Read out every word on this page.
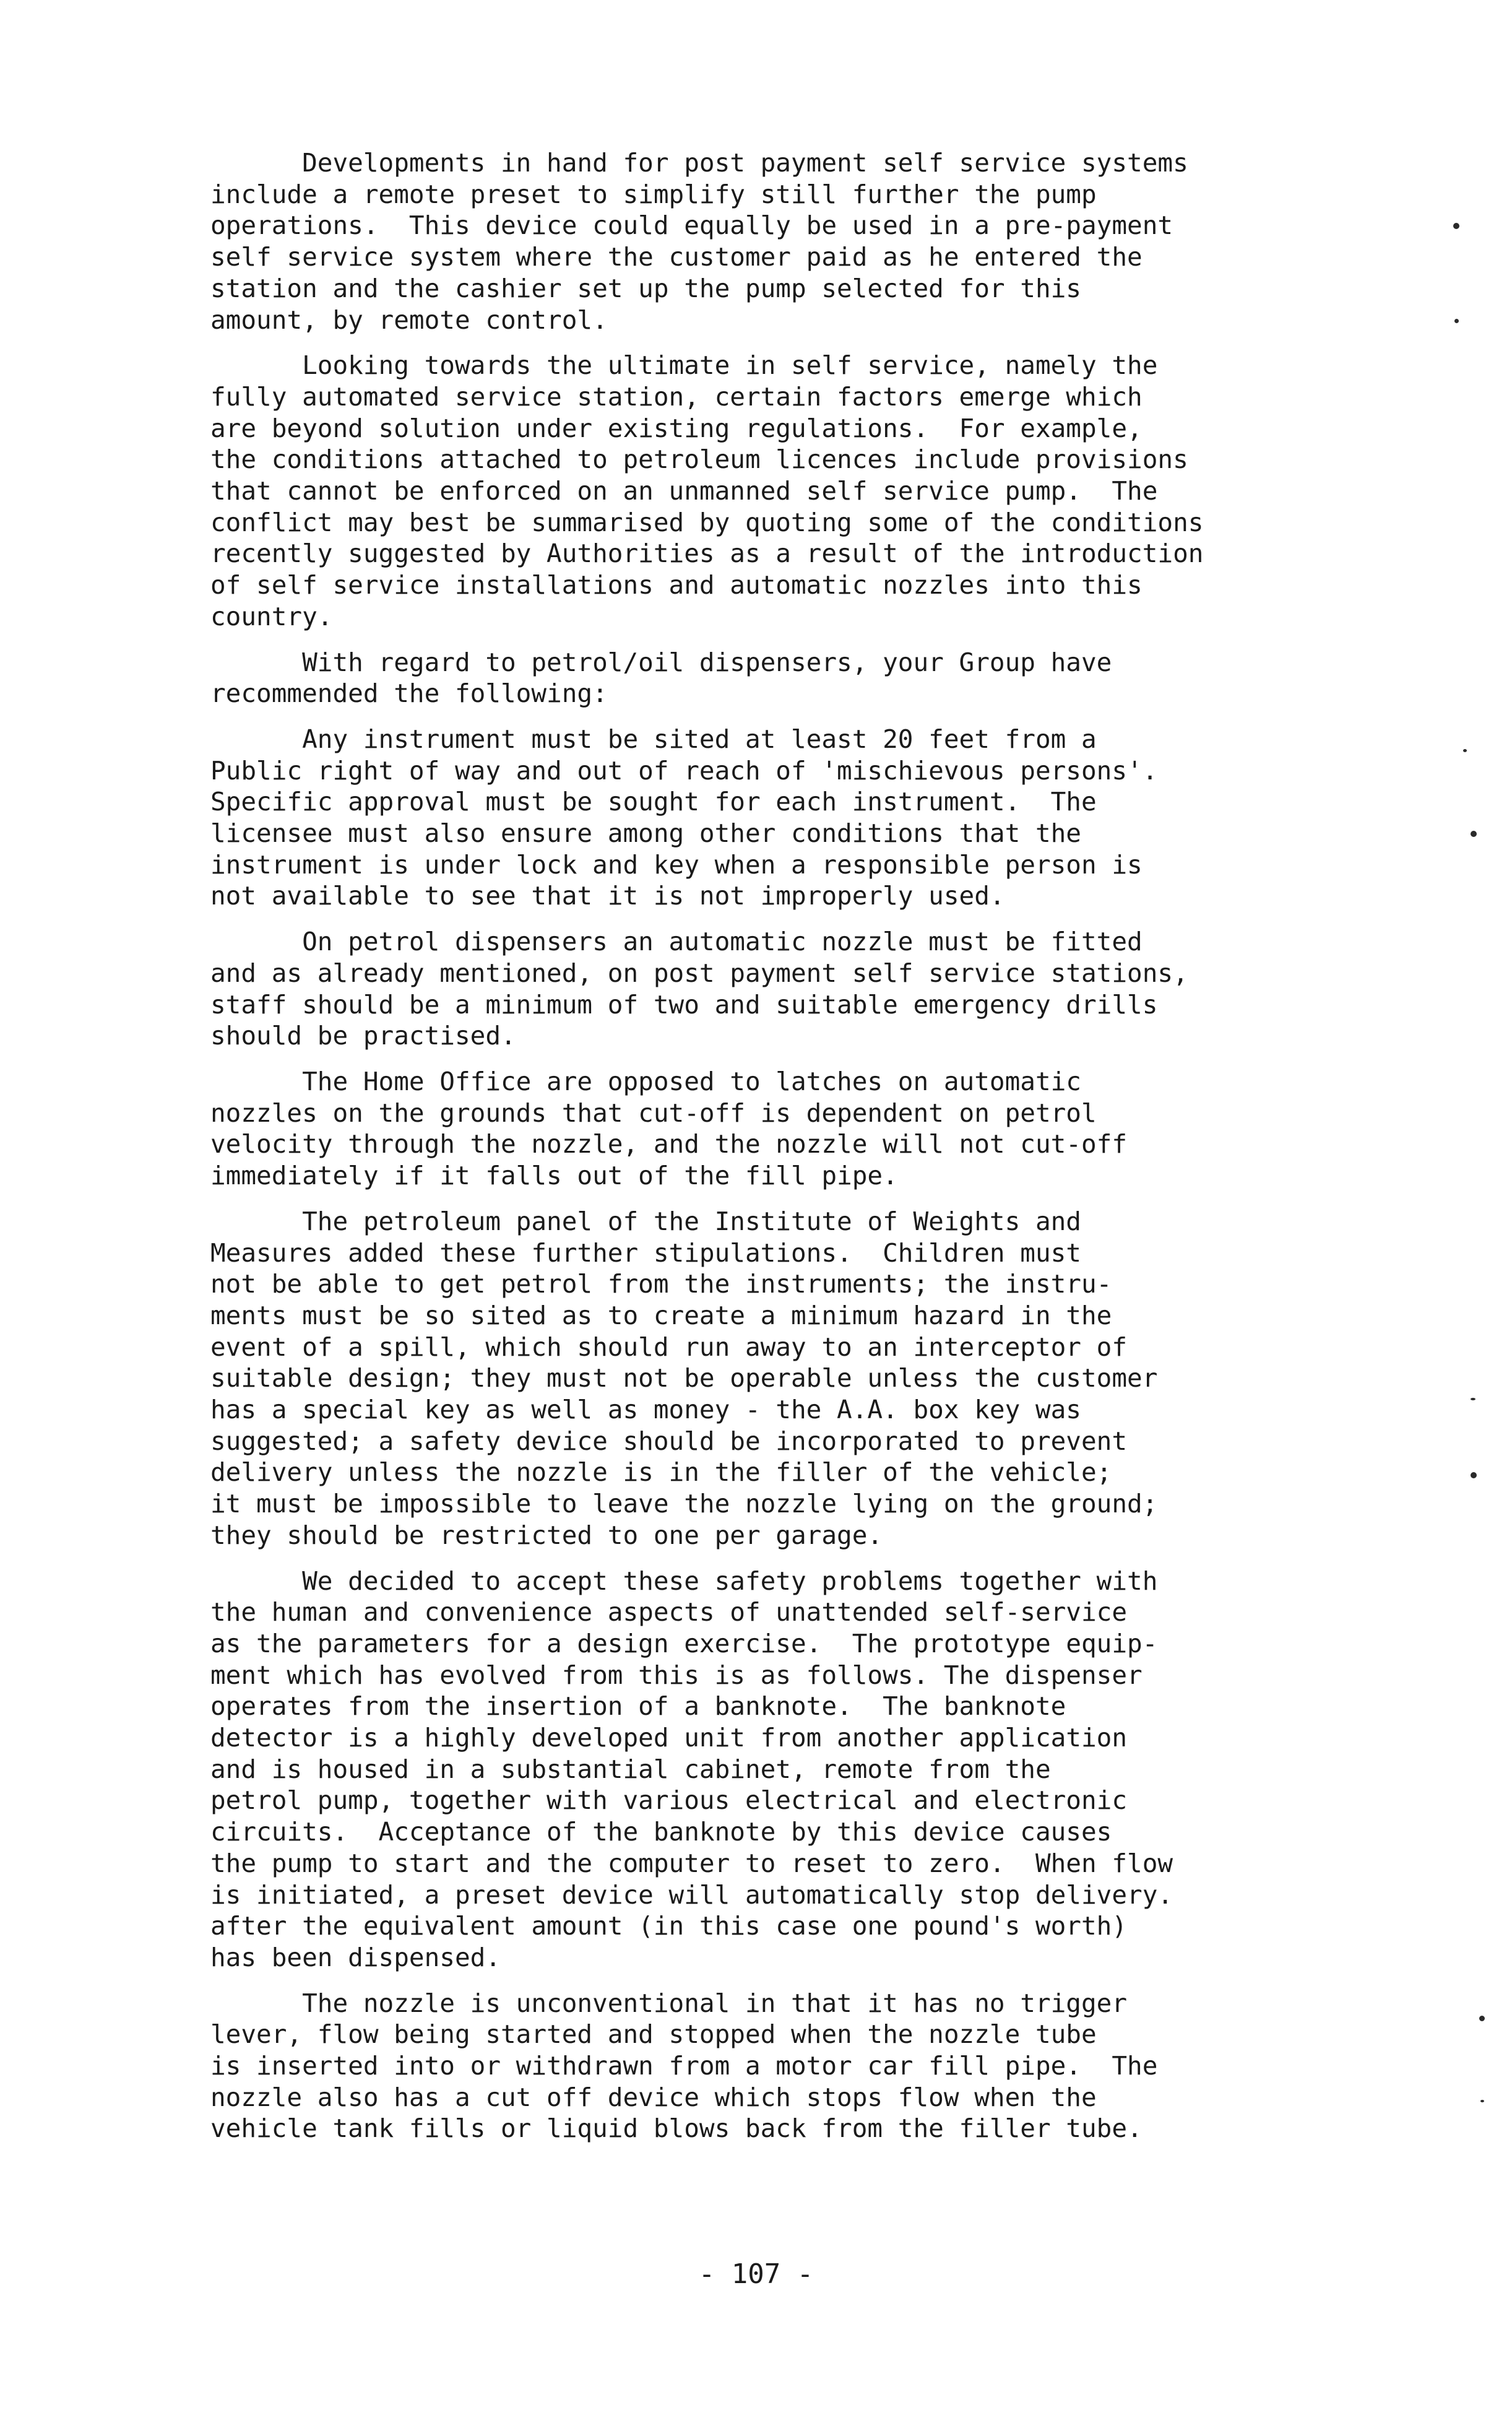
Developments in hand for post payment self service systems
include a remote preset to simplify still further the pump
operations.  This device could equally be used in a pre-payment
self service system where the customer paid as he entered the
station and the cashier set up the pump selected for this
amount, by remote control.

Looking towards the ultimate in self service, namely the
fully automated service station, certain factors emerge which
are beyond solution under existing regulations.  For example,
the conditions attached to petroleum licences include provisions
that cannot be enforced on an unmanned self service pump.  The
conflict may best be summarised by quoting some of the conditions
recently suggested by Authorities as a result of the introduction
of self service installations and automatic nozzles into this
country.

With regard to petrol/oil dispensers, your Group have
recommended the following:

Any instrument must be sited at least 20 feet from a
Public right of way and out of reach of 'mischievous persons'.
Specific approval must be sought for each instrument.  The
licensee must also ensure among other conditions that the
instrument is under lock and key when a responsible person is
not available to see that it is not improperly used.

On petrol dispensers an automatic nozzle must be fitted
and as already mentioned, on post payment self service stations,
staff should be a minimum of two and suitable emergency drills
should be practised.

The Home Office are opposed to latches on automatic
nozzles on the grounds that cut-off is dependent on petrol
velocity through the nozzle, and the nozzle will not cut-off
immediately if it falls out of the fill pipe.

The petroleum panel of the Institute of Weights and
Measures added these further stipulations.  Children must
not be able to get petrol from the instruments; the instru-
ments must be so sited as to create a minimum hazard in the
event of a spill, which should run away to an interceptor of
suitable design; they must not be operable unless the customer
has a special key as well as money - the A.A. box key was
suggested; a safety device should be incorporated to prevent
delivery unless the nozzle is in the filler of the vehicle;
it must be impossible to leave the nozzle lying on the ground;
they should be restricted to one per garage.

We decided to accept these safety problems together with
the human and convenience aspects of unattended self-service
as the parameters for a design exercise.  The prototype equip-
ment which has evolved from this is as follows. The dispenser
operates from the insertion of a banknote.  The banknote
detector is a highly developed unit from another application
and is housed in a substantial cabinet, remote from the
petrol pump, together with various electrical and electronic
circuits.  Acceptance of the banknote by this device causes
the pump to start and the computer to reset to zero.  When flow
is initiated, a preset device will automatically stop delivery.
after the equivalent amount (in this case one pound's worth)
has been dispensed.

The nozzle is unconventional in that it has no trigger
lever, flow being started and stopped when the nozzle tube
is inserted into or withdrawn from a motor car fill pipe.  The
nozzle also has a cut off device which stops flow when the
vehicle tank fills or liquid blows back from the filler tube.

- 107 -
